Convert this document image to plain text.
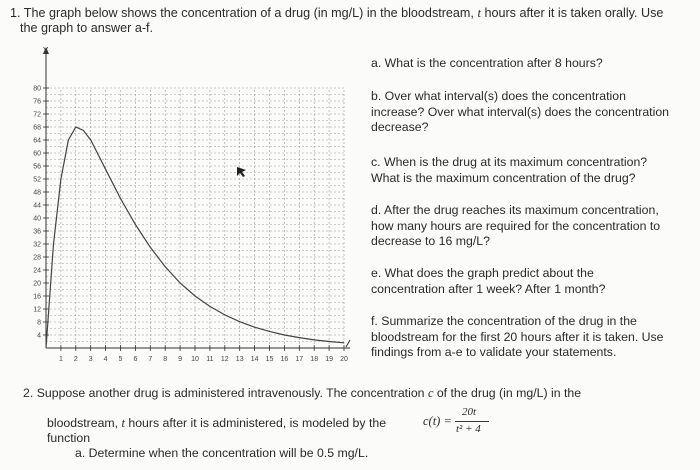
1. The graph below shows the concentration of a drug (in mg/L) in the bloodstream, t hours after it is taken orally. Use
the graph to answer a-f.
4
8
12
16
20
24
28
32
36
40
44
48
52
56
60
64
68
72
76
80
1 2 3 4 5 6 7 8 9 10 11 12 13 14 15 16 17 18 19 20
Y
a. What is the concentration after 8 hours?
b. Over what interval(s) does the concentration increase? Over what interval(s) does the concentration decrease?
c. When is the drug at its maximum concentration? What is the maximum concentration of the drug?
d. After the drug reaches its maximum concentration, how many hours are required for the concentration to decrease to 16 mg/L?
e. What does the graph predict about the concentration after 1 week? After 1 month?
f. Summarize the concentration of the drug in the bloodstream for the first 20 hours after it is taken. Use findings from a-e to validate your statements.
2. Suppose another drug is administered intravenously. The concentration c of the drug (in mg/L) in the
bloodstream, t hours after it is administered, is modeled by the function
c(t) =
20t
t² + 4
a. Determine when the concentration will be 0.5 mg/L.
